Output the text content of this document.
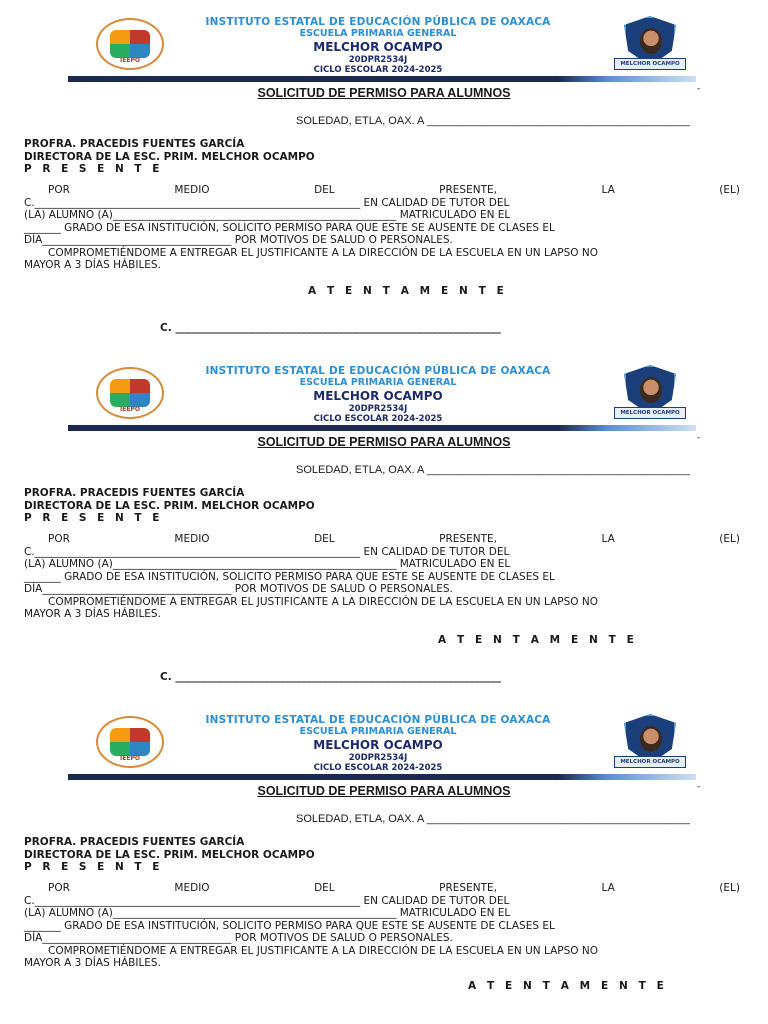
IEEPO
INSTITUTO ESTATAL DE EDUCACIÓN PÚBLICA DE OAXACA
ESCUELA PRIMARIA GENERAL
MELCHOR OCAMPO
20DPR2534J
CICLO ESCOLAR 2024-2025
MELCHOR OCAMPO
-
SOLICITUD DE PERMISO PARA ALUMNOS
SOLEDAD, ETLA, OAX. A ___________________________________________
PROFRA. PRACEDIS FUENTES GARCÍA
DIRECTORA DE LA ESC. PRIM. MELCHOR OCAMPO
P R E S E N T E
POR	MEDIO	DEL	PRESENTE,	LA	(EL)
C.______________________________________________________________ EN CALIDAD DE TUTOR DEL
(LA) ALUMNO (A)______________________________________________________ MATRICULADO EN EL
_______ GRADO DE ESA INSTITUCIÓN, SOLICITO PERMISO PARA QUE ESTE SE AUSENTE DE CLASES EL
DÍA____________________________________ POR MOTIVOS DE SALUD O PERSONALES.
COMPROMETIÉNDOME A ENTREGAR EL JUSTIFICANTE A LA DIRECCIÓN DE LA ESCUELA EN UN LAPSO NO
MAYOR A 3 DÍAS HÁBILES.
A T E N T A M E N T E
C. ______________________________________________________________
IEEPO
INSTITUTO ESTATAL DE EDUCACIÓN PÚBLICA DE OAXACA
ESCUELA PRIMARIA GENERAL
MELCHOR OCAMPO
20DPR2534J
CICLO ESCOLAR 2024-2025
MELCHOR OCAMPO
-
SOLICITUD DE PERMISO PARA ALUMNOS
SOLEDAD, ETLA, OAX. A ___________________________________________
PROFRA. PRACEDIS FUENTES GARCÍA
DIRECTORA DE LA ESC. PRIM. MELCHOR OCAMPO
P R E S E N T E
POR	MEDIO	DEL	PRESENTE,	LA	(EL)
C.______________________________________________________________ EN CALIDAD DE TUTOR DEL
(LA) ALUMNO (A)______________________________________________________ MATRICULADO EN EL
_______ GRADO DE ESA INSTITUCIÓN, SOLICITO PERMISO PARA QUE ESTE SE AUSENTE DE CLASES EL
DÍA____________________________________ POR MOTIVOS DE SALUD O PERSONALES.
COMPROMETIÉNDOME A ENTREGAR EL JUSTIFICANTE A LA DIRECCIÓN DE LA ESCUELA EN UN LAPSO NO
MAYOR A 3 DÍAS HÁBILES.
A T E N T A M E N T E
C. ______________________________________________________________
IEEPO
INSTITUTO ESTATAL DE EDUCACIÓN PÚBLICA DE OAXACA
ESCUELA PRIMARIA GENERAL
MELCHOR OCAMPO
20DPR2534J
CICLO ESCOLAR 2024-2025
MELCHOR OCAMPO
-
SOLICITUD DE PERMISO PARA ALUMNOS
SOLEDAD, ETLA, OAX. A ___________________________________________
PROFRA. PRACEDIS FUENTES GARCÍA
DIRECTORA DE LA ESC. PRIM. MELCHOR OCAMPO
P R E S E N T E
POR	MEDIO	DEL	PRESENTE,	LA	(EL)
C.______________________________________________________________ EN CALIDAD DE TUTOR DEL
(LA) ALUMNO (A)______________________________________________________ MATRICULADO EN EL
_______ GRADO DE ESA INSTITUCIÓN, SOLICITO PERMISO PARA QUE ESTE SE AUSENTE DE CLASES EL
DÍA____________________________________ POR MOTIVOS DE SALUD O PERSONALES.
COMPROMETIÉNDOME A ENTREGAR EL JUSTIFICANTE A LA DIRECCIÓN DE LA ESCUELA EN UN LAPSO NO
MAYOR A 3 DÍAS HÁBILES.
A T E N T A M E N T E
